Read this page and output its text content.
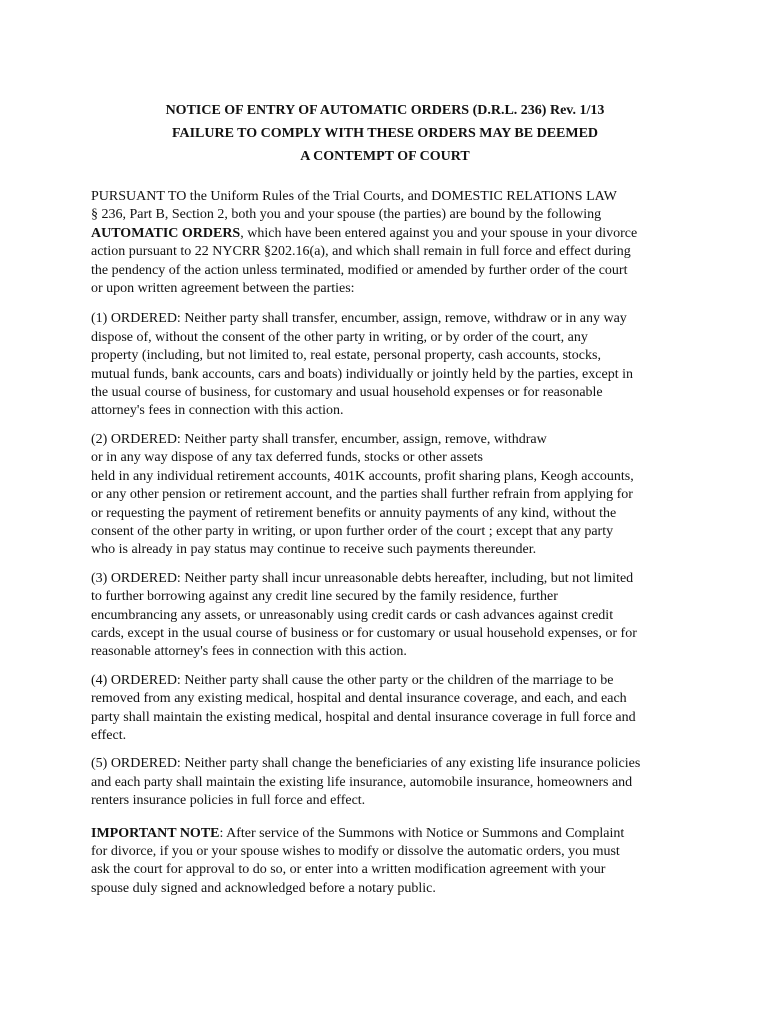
NOTICE OF ENTRY OF AUTOMATIC ORDERS (D.R.L. 236) Rev. 1/13
FAILURE TO COMPLY WITH THESE ORDERS MAY BE DEEMED
A CONTEMPT OF COURT
PURSUANT TO the Uniform Rules of the Trial Courts, and DOMESTIC RELATIONS LAW
§ 236, Part B, Section 2, both you and your spouse (the parties) are bound by the following
AUTOMATIC ORDERS, which have been entered against you and your spouse in your divorce
action pursuant to 22 NYCRR §202.16(a), and which shall remain in full force and effect during
the pendency of the action unless terminated, modified or amended by further order of the court
or upon written agreement between the parties:
(1) ORDERED: Neither party shall transfer, encumber, assign, remove, withdraw or in any way
dispose of, without the consent of the other party in writing, or by order of the court, any
property (including, but not limited to, real estate, personal property, cash accounts, stocks,
mutual funds, bank accounts, cars and boats) individually or jointly held by the parties, except in
the usual course of business, for customary and usual household expenses or for reasonable
attorney's fees in connection with this action.
(2) ORDERED: Neither party shall transfer, encumber, assign, remove, withdraw
or in any way dispose of any tax deferred funds, stocks or other assets
held in any individual retirement accounts, 401K accounts, profit sharing plans, Keogh accounts,
or any other pension or retirement account, and the parties shall further refrain from applying for
or requesting the payment of retirement benefits or annuity payments of any kind, without the
consent of the other party in writing, or upon further order of the court ; except that any party
who is already in pay status may continue to receive such payments thereunder.
(3) ORDERED: Neither party shall incur unreasonable debts hereafter, including, but not limited
to further borrowing against any credit line secured by the family residence, further
encumbrancing any assets, or unreasonably using credit cards or cash advances against credit
cards, except in the usual course of business or for customary or usual household expenses, or for
reasonable attorney's fees in connection with this action.
(4) ORDERED: Neither party shall cause the other party or the children of the marriage to be
removed from any existing medical, hospital and dental insurance coverage, and each, and each
party shall maintain the existing medical, hospital and dental insurance coverage in full force and
effect.
(5) ORDERED: Neither party shall change the beneficiaries of any existing life insurance policies
and each party shall maintain the existing life insurance, automobile insurance, homeowners and
renters insurance policies in full force and effect.
IMPORTANT NOTE: After service of the Summons with Notice or Summons and Complaint
for divorce, if you or your spouse wishes to modify or dissolve the automatic orders, you must
ask the court for approval to do so, or enter into a written modification agreement with your
spouse duly signed and acknowledged before a notary public.
